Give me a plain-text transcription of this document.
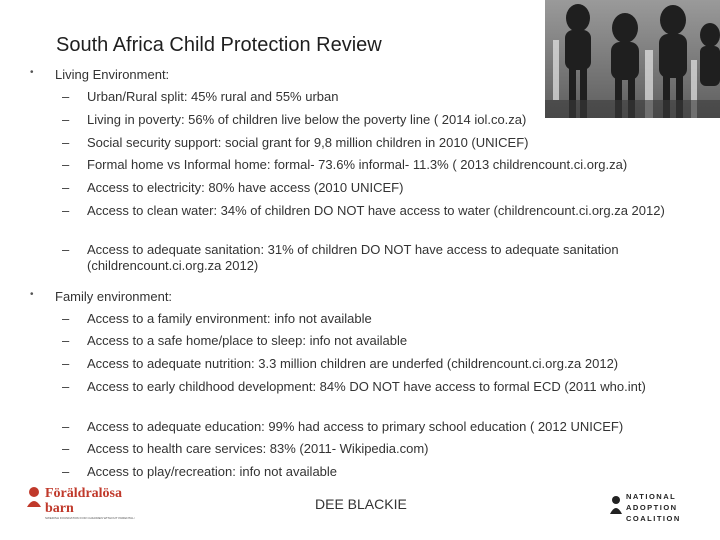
South Africa Child Protection Review
• Living Environment:
– Urban/Rural split: 45% rural and 55% urban
– Living in poverty: 56% of children live below the poverty line ( 2014 iol.co.za)
– Social security support: social grant for 9,8 million children in 2010 (UNICEF)
– Formal home vs Informal home: formal- 73.6% informal- 11.3% ( 2013 childrencount.ci.org.za)
– Access to electricity: 80% have access (2010 UNICEF)
– Access to clean water: 34% of children DO NOT have access to water (childrencount.ci.org.za 2012)
– Access to adequate sanitation: 31% of children DO NOT have access to adequate sanitation (childrencount.ci.org.za 2012)
• Family environment:
– Access to a family environment: info not available
– Access to a safe home/place to sleep: info not available
– Access to adequate nutrition: 3.3 million children are underfed (childrencount.ci.org.za 2012)
– Access to early childhood development: 84% DO NOT have access to formal ECD (2011 who.int)
– Access to adequate education: 99% had access to primary school education ( 2012 UNICEF)
– Access to health care services: 83% (2011- Wikipedia.com)
– Access to play/recreation: info not available
Föräldralösa
barn
SWEDISH FOUNDATION FOR CHILDREN WITHOUT PARENTAL CARE
DEE BLACKIE	NATIONAL
ADOPTION
COALITION
